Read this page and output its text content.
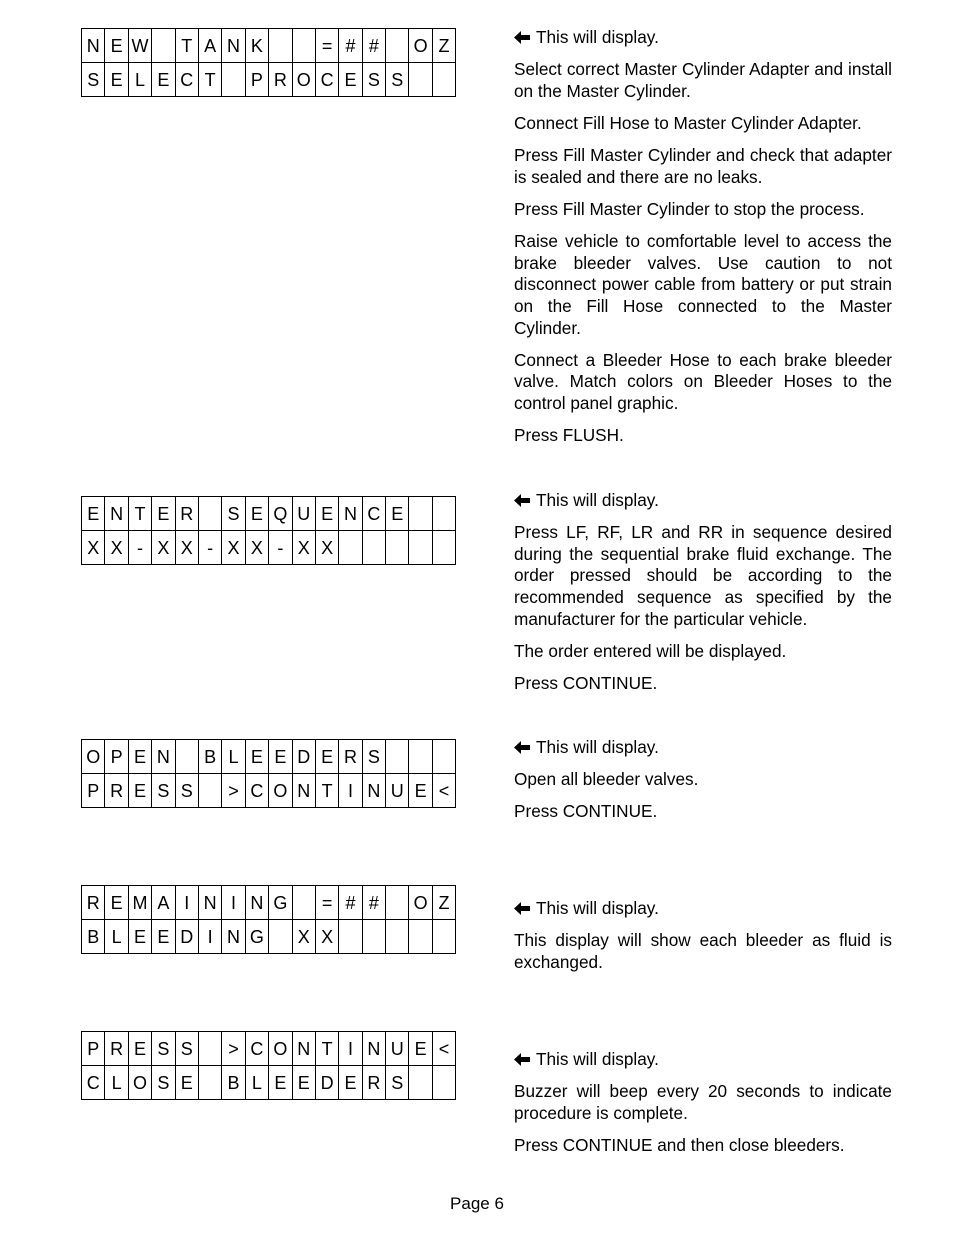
N	E	W		T	A	N	K			=	#	#		O	Z
S	E	L	E	C	T		P	R	O	C	E	S	S		

This will display.

Select correct Master Cylinder Adapter and install on the Master Cylinder.

Connect Fill Hose to Master Cylinder Adapter.

Press Fill Master Cylinder and check that adapter is sealed and there are no leaks.

Press Fill Master Cylinder to stop the process.

Raise vehicle to comfortable level to access the brake bleeder valves. Use caution to not disconnect power cable from battery or put strain on the Fill Hose connected to the Master Cylinder.

Connect a Bleeder Hose to each brake bleeder valve. Match colors on Bleeder Hoses to the control panel graphic.

Press FLUSH.

E	N	T	E	R		S	E	Q	U	E	N	C	E		
X	X	-	X	X	-	X	X	-	X	X					

This will display.

Press LF, RF, LR and RR in sequence desired during the sequential brake fluid exchange. The order pressed should be according to the recommended sequence as specified by the manufacturer for the particular vehicle.

The order entered will be displayed.

Press CONTINUE.

O	P	E	N		B	L	E	E	D	E	R	S			
P	R	E	S	S		>	C	O	N	T	I	N	U	E	<

This will display.

Open all bleeder valves.

Press CONTINUE.

R	E	M	A	I	N	I	N	G		=	#	#		O	Z
B	L	E	E	D	I	N	G		X	X					

This will display.

This display will show each bleeder as fluid is exchanged.

P	R	E	S	S		>	C	O	N	T	I	N	U	E	<
C	L	O	S	E		B	L	E	E	D	E	R	S		

This will display.

Buzzer will beep every 20 seconds to indicate procedure is complete.

Press CONTINUE and then close bleeders.

Page 6
